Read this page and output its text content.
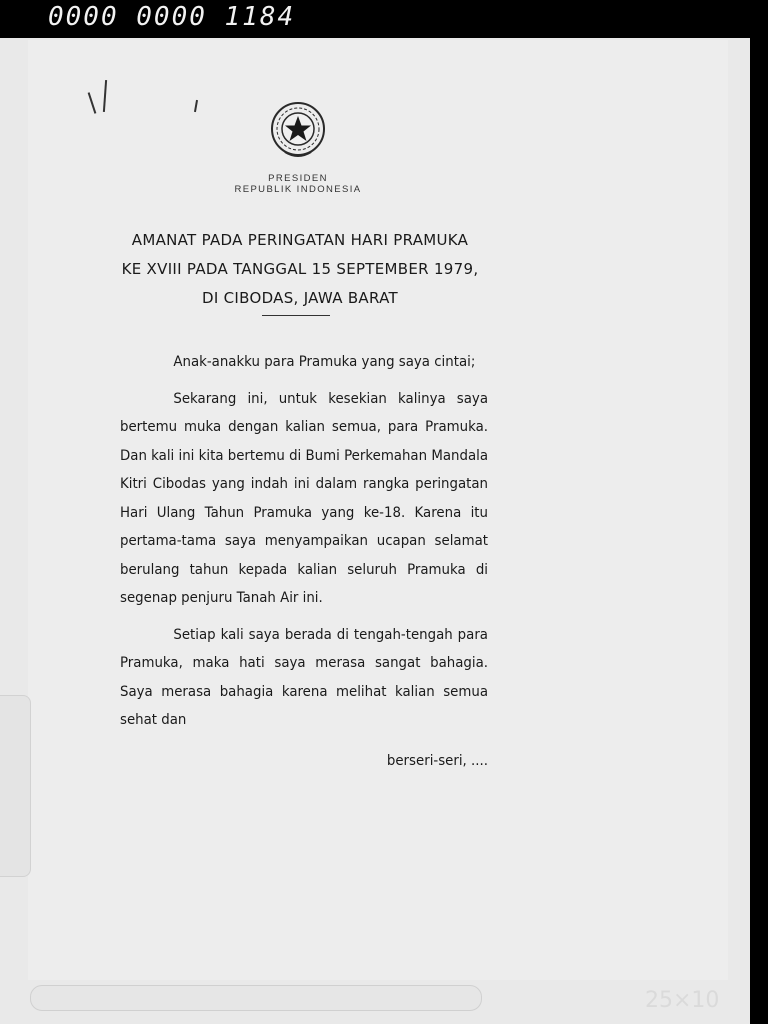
0000 0000 1184
PRESIDEN
REPUBLIK INDONESIA
AMANAT PADA PERINGATAN HARI PRAMUKA
KE XVIII PADA TANGGAL 15 SEPTEMBER 1979,
DI CIBODAS, JAWA BARAT

Anak-anakku para Pramuka yang saya cintai;

Sekarang ini, untuk kesekian kalinya saya bertemu muka dengan kalian semua, para Pramuka. Dan kali ini kita bertemu di Bumi Perkemahan Mandala Kitri Cibodas yang indah ini dalam rangka peringatan Hari Ulang Tahun Pramuka yang ke-18. Karena itu pertama-tama saya menyampaikan ucapan selamat berulang tahun kepada kalian seluruh Pramuka di segenap penjuru Tanah Air ini.

Setiap kali saya berada di tengah-tengah para Pramuka, maka hati saya merasa sangat bahagia. Saya merasa bahagia karena melihat kalian semua sehat dan

berseri-seri, ....

25×10
